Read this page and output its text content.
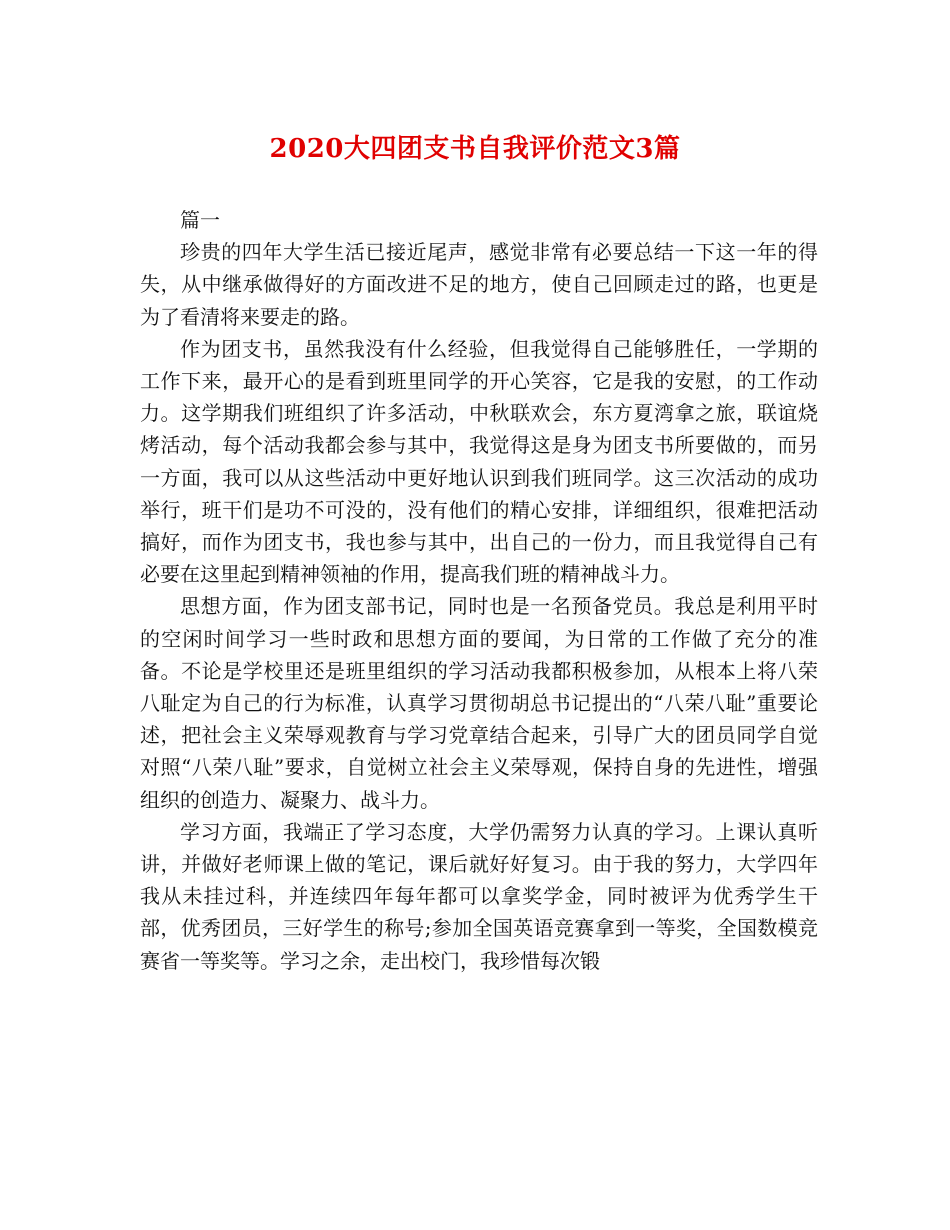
2020大四团支书自我评价范文3篇

篇一

珍贵的四年大学生活已接近尾声，感觉非常有必要总结一下这一年的得失，从中继承做得好的方面改进不足的地方，使自己回顾走过的路，也更是为了看清将来要走的路。

作为团支书，虽然我没有什么经验，但我觉得自己能够胜任，一学期的工作下来，最开心的是看到班里同学的开心笑容，它是我的安慰，的工作动力。这学期我们班组织了许多活动，中秋联欢会，东方夏湾拿之旅，联谊烧烤活动，每个活动我都会参与其中，我觉得这是身为团支书所要做的，而另一方面，我可以从这些活动中更好地认识到我们班同学。这三次活动的成功举行，班干们是功不可没的，没有他们的精心安排，详细组织，很难把活动搞好，而作为团支书，我也参与其中，出自己的一份力，而且我觉得自己有必要在这里起到精神领袖的作用，提高我们班的精神战斗力。

思想方面，作为团支部书记，同时也是一名预备党员。我总是利用平时的空闲时间学习一些时政和思想方面的要闻，为日常的工作做了充分的准备。不论是学校里还是班里组织的学习活动我都积极参加，从根本上将八荣八耻定为自己的行为标准，认真学习贯彻胡总书记提出的“八荣八耻”重要论述，把社会主义荣辱观教育与学习党章结合起来，引导广大的团员同学自觉对照“八荣八耻”要求，自觉树立社会主义荣辱观，保持自身的先进性，增强组织的创造力、凝聚力、战斗力。

学习方面，我端正了学习态度，大学仍需努力认真的学习。上课认真听讲，并做好老师课上做的笔记，课后就好好复习。由于我的努力，大学四年我从未挂过科，并连续四年每年都可以拿奖学金，同时被评为优秀学生干部，优秀团员，三好学生的称号;参加全国英语竞赛拿到一等奖，全国数模竞赛省一等奖等。学习之余，走出校门，我珍惜每次锻
